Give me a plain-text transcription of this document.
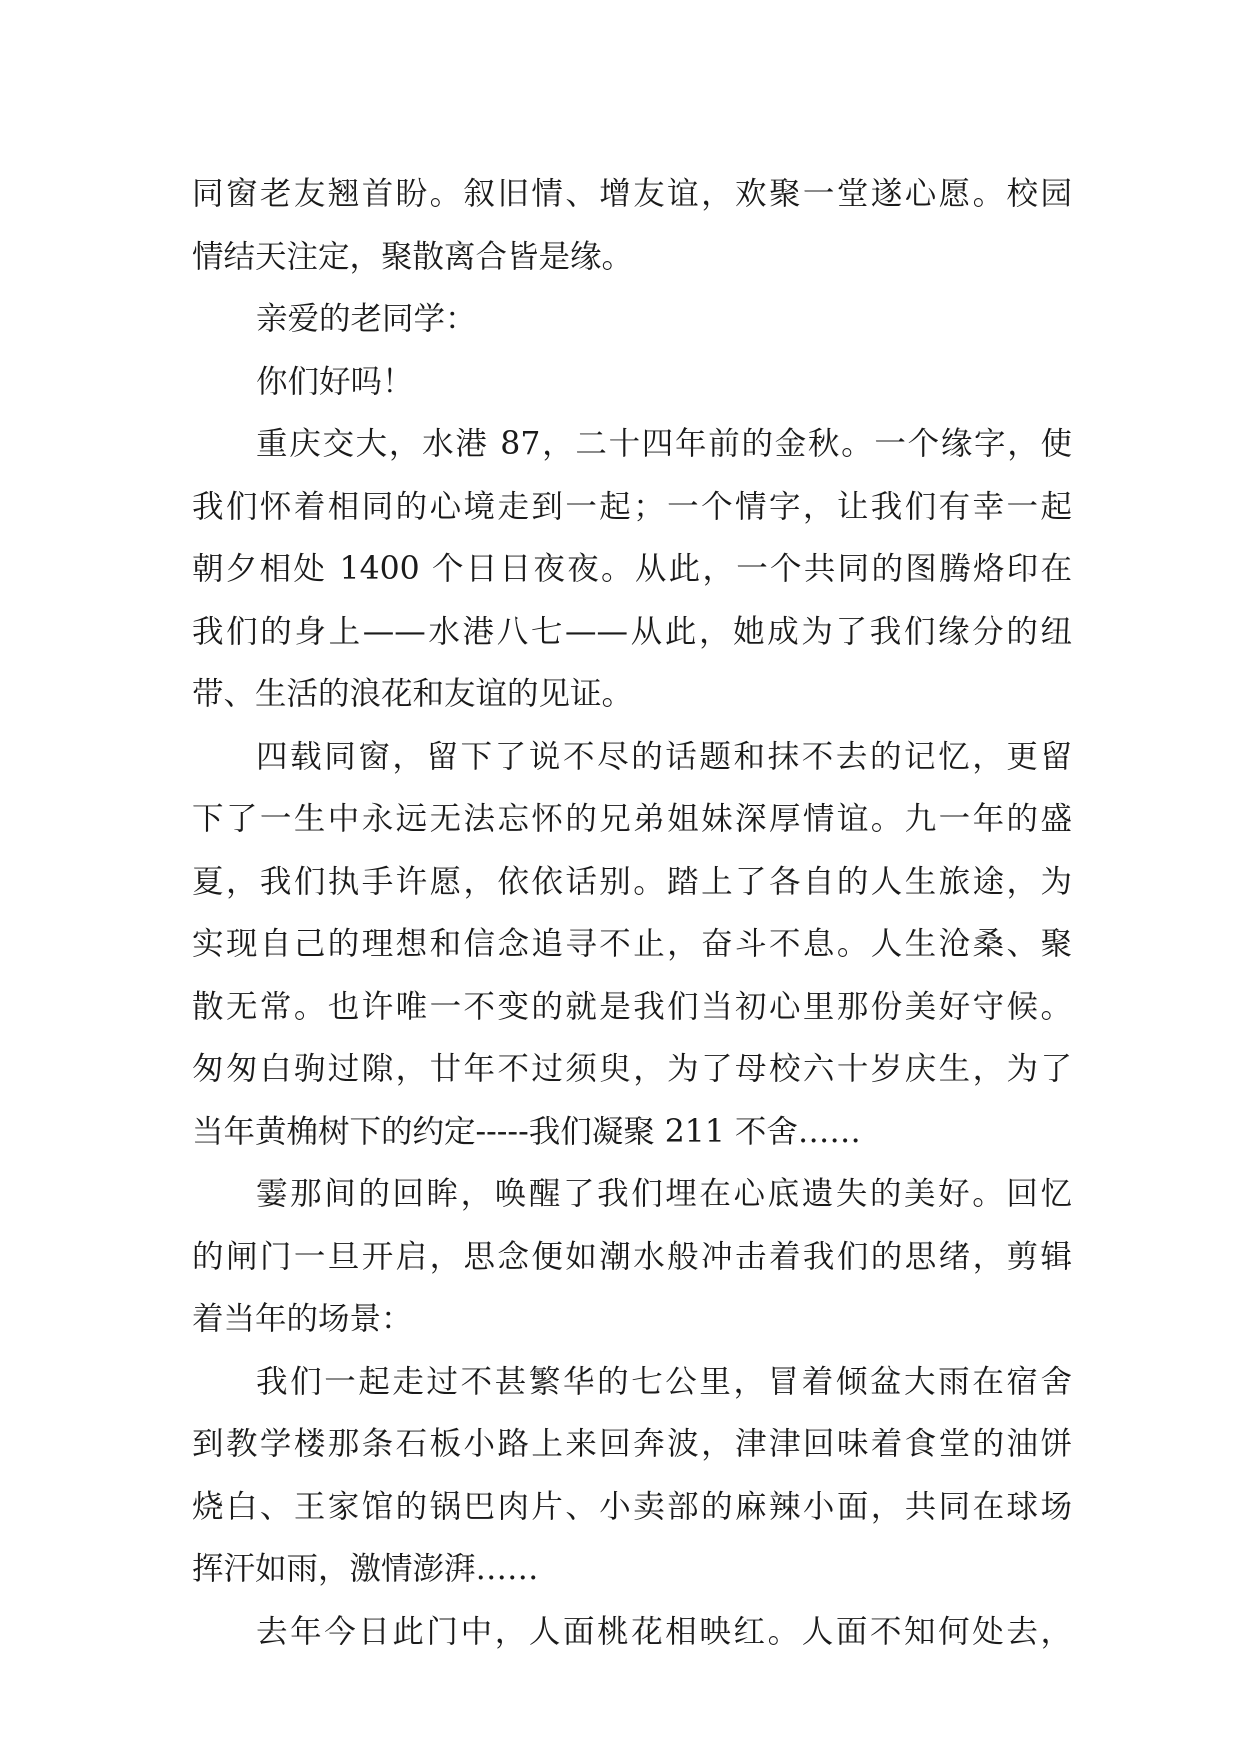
同窗老友翘首盼。叙旧情、增友谊，欢聚一堂遂心愿。校园
情结天注定，聚散离合皆是缘。
亲爱的老同学：
你们好吗！
重庆交大，水港 87，二十四年前的金秋。一个缘字，使
我们怀着相同的心境走到一起；一个情字，让我们有幸一起
朝夕相处 1400 个日日夜夜。从此，一个共同的图腾烙印在
我们的身上——水港八七——从此，她成为了我们缘分的纽
带、生活的浪花和友谊的见证。
四载同窗，留下了说不尽的话题和抹不去的记忆，更留
下了一生中永远无法忘怀的兄弟姐妹深厚情谊。九一年的盛
夏，我们执手许愿，依依话别。踏上了各自的人生旅途，为
实现自己的理想和信念追寻不止，奋斗不息。人生沧桑、聚
散无常。也许唯一不变的就是我们当初心里那份美好守候。
匆匆白驹过隙，廿年不过须臾，为了母校六十岁庆生，为了
当年黄桷树下的约定-----我们凝聚 211 不舍……
霎那间的回眸，唤醒了我们埋在心底遗失的美好。回忆
的闸门一旦开启，思念便如潮水般冲击着我们的思绪，剪辑
着当年的场景：
我们一起走过不甚繁华的七公里，冒着倾盆大雨在宿舍
到教学楼那条石板小路上来回奔波，津津回味着食堂的油饼
烧白、王家馆的锅巴肉片、小卖部的麻辣小面，共同在球场
挥汗如雨，激情澎湃……
去年今日此门中，人面桃花相映红。人面不知何处去，
